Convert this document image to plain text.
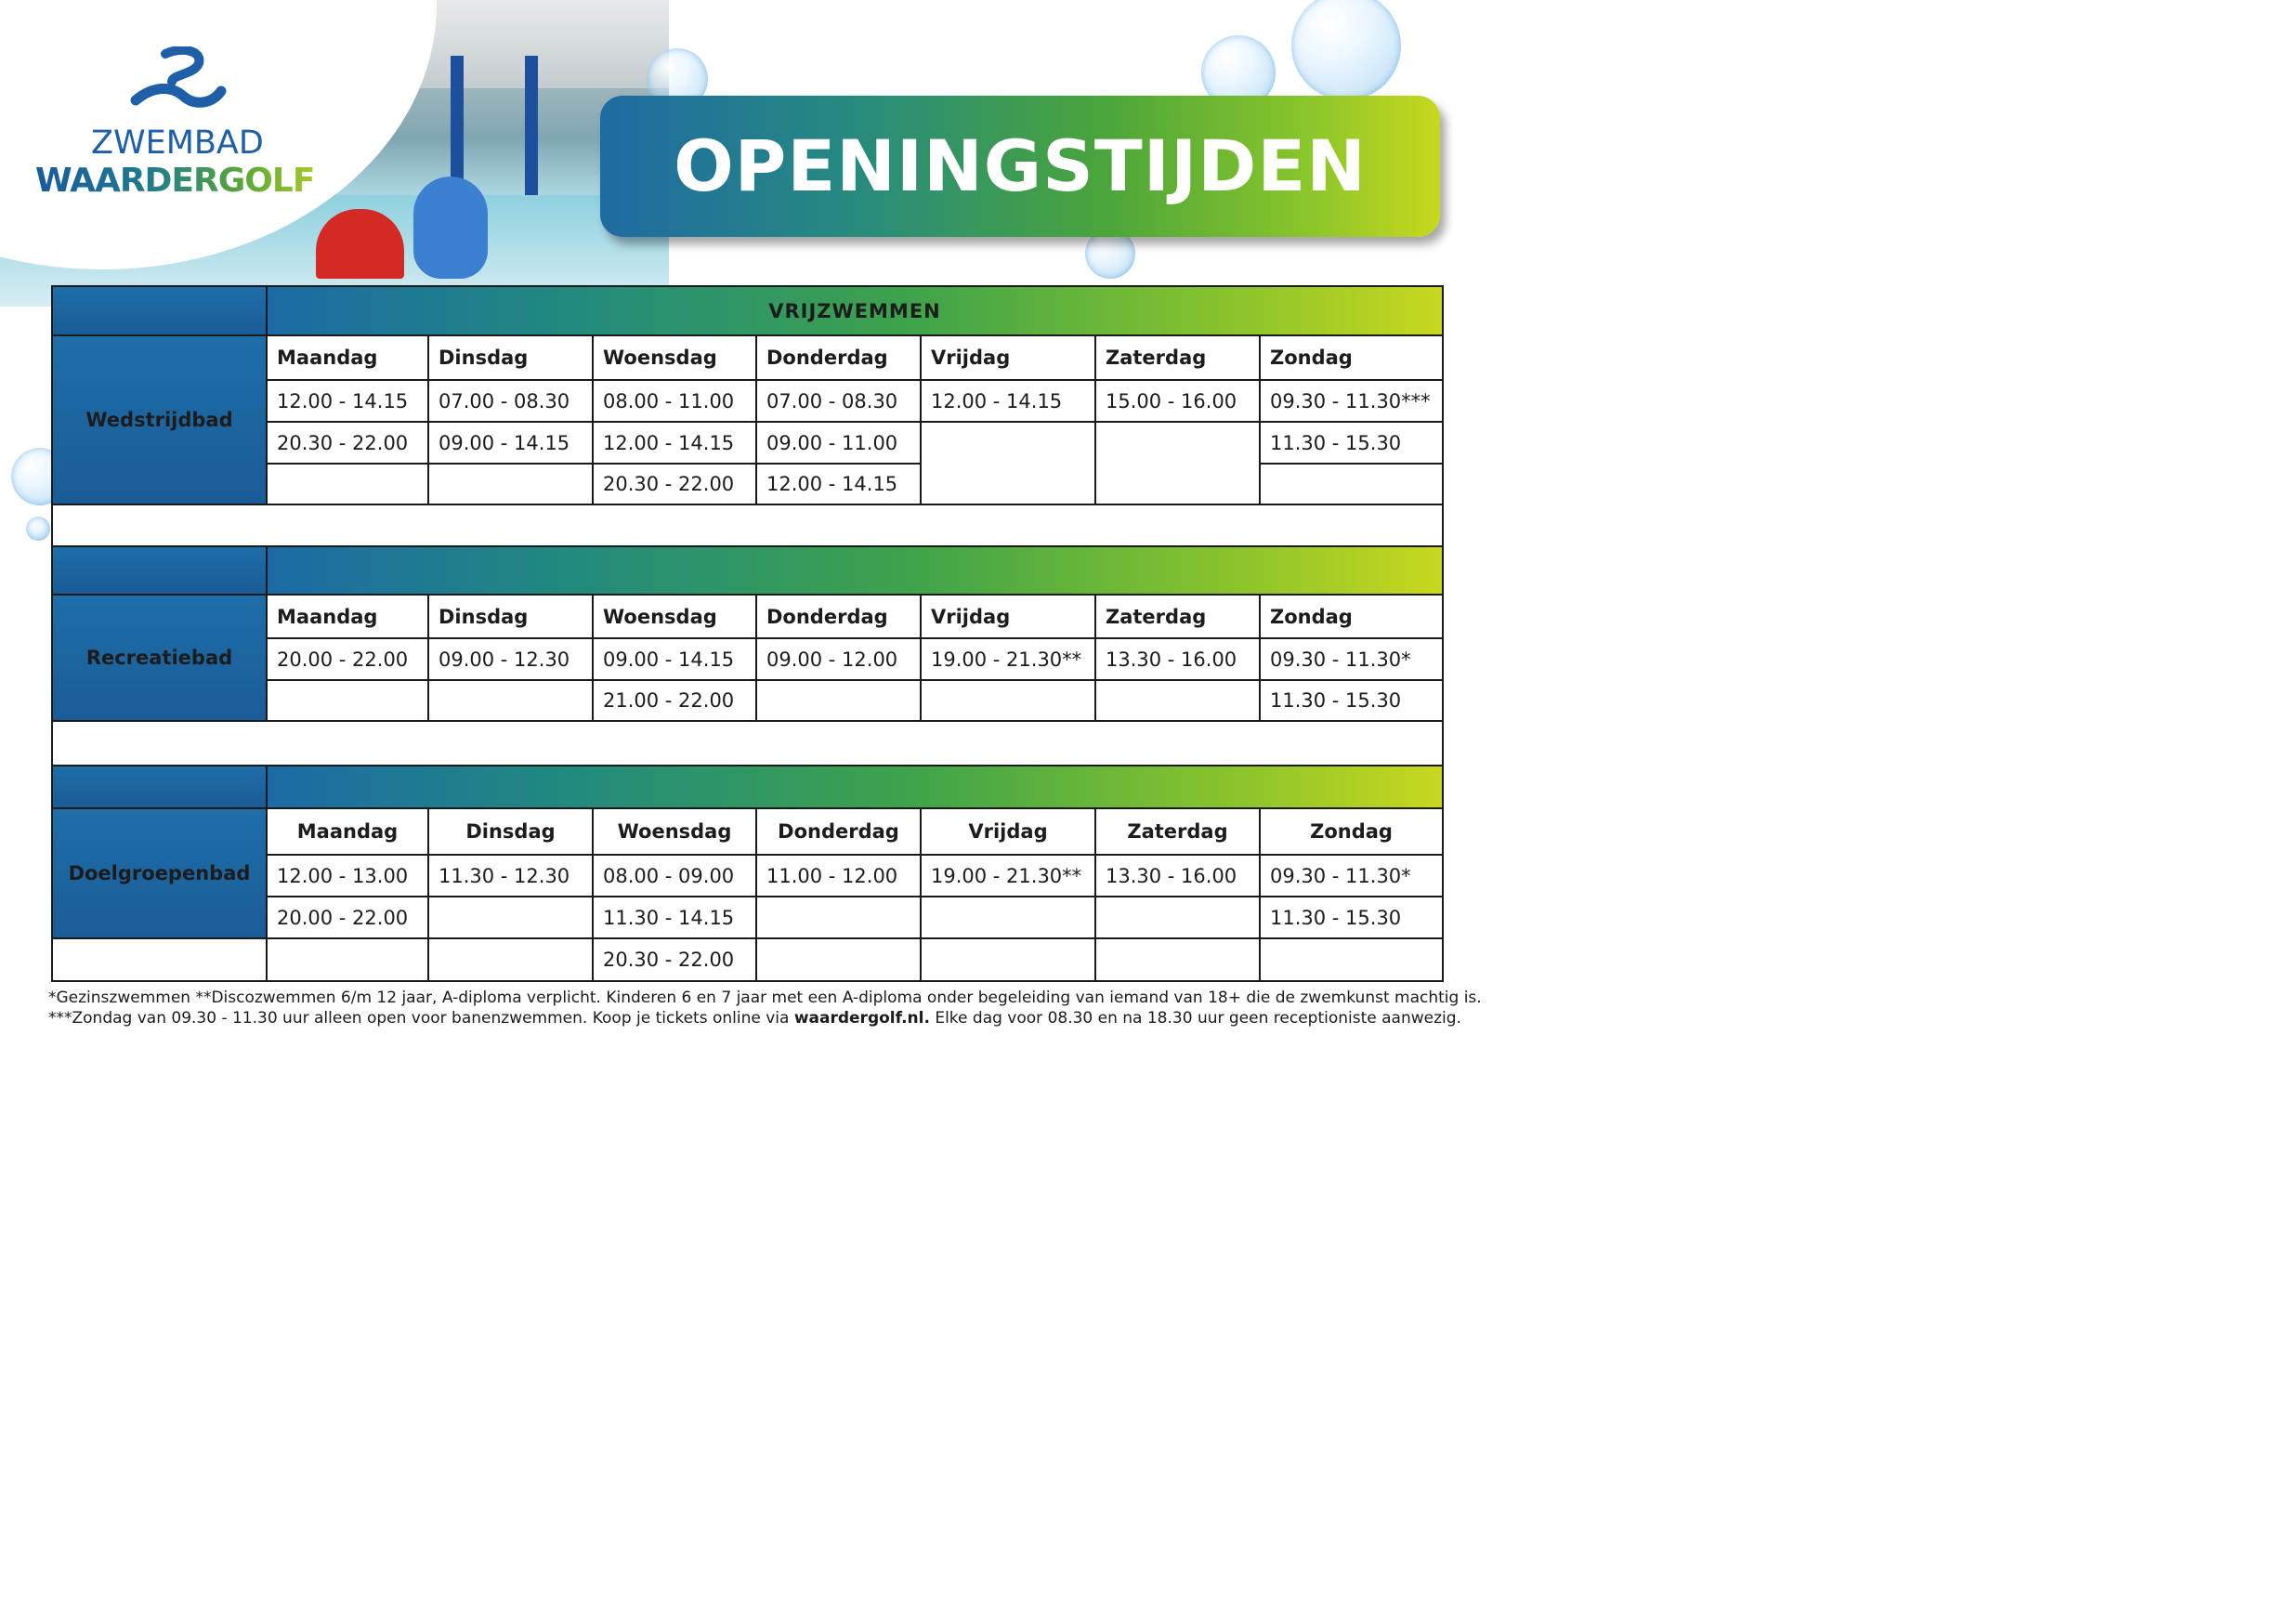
ZWEMBAD
WAARDERGOLF	OPENINGSTIJDEN
	VRIJZWEMMEN						
Wedstrijdbad	Maandag	Dinsdag	Woensdag	Donderdag	Vrijdag	Zaterdag	Zondag
	12.00 - 14.15	07.00 - 08.30	08.00 - 11.00	07.00 - 08.30	12.00 - 14.15	15.00 - 16.00	09.30 - 11.30***
	20.30 - 22.00	09.00 - 14.15	12.00 - 14.15	09.00 - 11.00			11.30 - 15.30
			20.30 - 22.00	12.00 - 14.15			

Recreatiebad	Maandag	Dinsdag	Woensdag	Donderdag	Vrijdag	Zaterdag	Zondag
	20.00 - 22.00	09.00 - 12.30	09.00 - 14.15	09.00 - 12.00	19.00 - 21.30**	13.30 - 16.00	09.30 - 11.30*
			21.00 - 22.00				11.30 - 15.30

Doelgroepenbad	Maandag	Dinsdag	Woensdag	Donderdag	Vrijdag	Zaterdag	Zondag
	12.00 - 13.00	11.30 - 12.30	08.00 - 09.00	11.00 - 12.00	19.00 - 21.30**	13.30 - 16.00	09.30 - 11.30*
	20.00 - 22.00		11.30 - 14.15				11.30 - 15.30
			20.30 - 22.00				
*Gezinszwemmen **Discozwemmen 6/m 12 jaar, A-diploma verplicht. Kinderen 6 en 7 jaar met een A-diploma onder begeleiding van iemand van 18+ die de zwemkunst machtig is.
***Zondag van 09.30 - 11.30 uur alleen open voor banenzwemmen. Koop je tickets online via waardergolf.nl. Elke dag voor 08.30 en na 18.30 uur geen receptioniste aanwezig.
